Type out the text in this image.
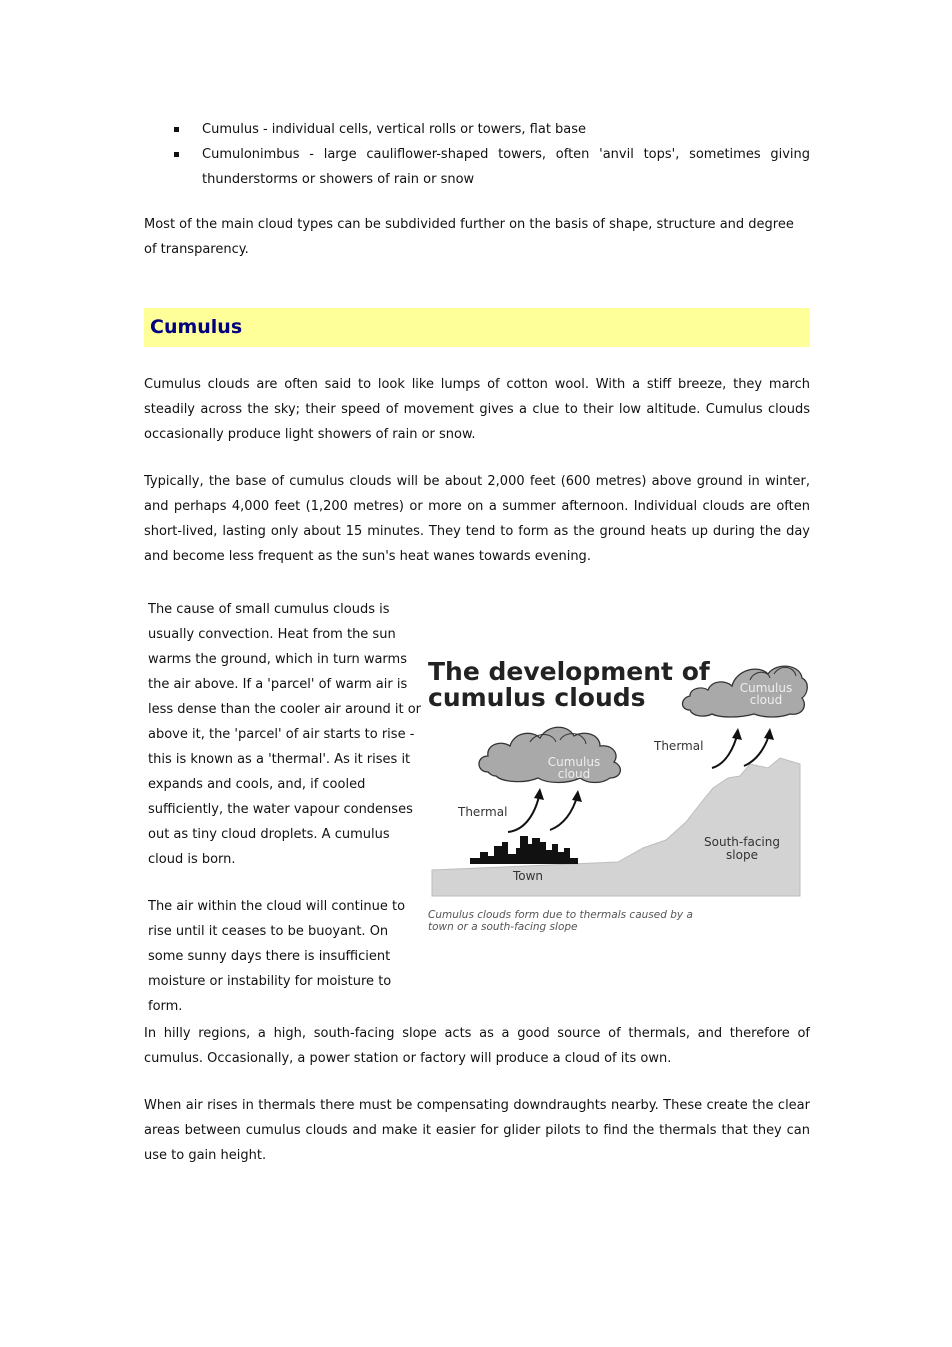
Cumulus - individual cells, vertical rolls or towers, flat base
Cumulonimbus - large cauliflower-shaped towers, often 'anvil tops', sometimes giving thunderstorms or showers of rain or snow

Most of the main cloud types can be subdivided further on the basis of shape, structure and degree of transparency.

Cumulus

Cumulus clouds are often said to look like lumps of cotton wool. With a stiff breeze, they march steadily across the sky; their speed of movement gives a clue to their low altitude. Cumulus clouds occasionally produce light showers of rain or snow.

Typically, the base of cumulus clouds will be about 2,000 feet (600 metres) above ground in winter, and perhaps 4,000 feet (1,200 metres) or more on a summer afternoon. Individual clouds are often short-lived, lasting only about 15 minutes. They tend to form as the ground heats up during the day and become less frequent as the sun's heat wanes towards evening.

The cause of small cumulus clouds is usually convection. Heat from the sun warms the ground, which in turn warms the air above. If a 'parcel' of warm air is less dense than the cooler air around it or above it, the 'parcel' of air starts to rise - this is known as a 'thermal'. As it rises it expands and cools, and, if cooled sufficiently, the water vapour condenses out as tiny cloud droplets. A cumulus cloud is born.

The air within the cloud will continue to rise until it ceases to be buoyant. On some sunny days there is insufficient moisture or instability for moisture to form.

The development of
cumulus clouds
Cumulus
cloud
Cumulus
cloud
Thermal
Thermal
Town
South-facing
slope
Cumulus clouds form due to thermals caused by a
town or a south-facing slope

In hilly regions, a high, south-facing slope acts as a good source of thermals, and therefore of cumulus. Occasionally, a power station or factory will produce a cloud of its own.

When air rises in thermals there must be compensating downdraughts nearby. These create the clear areas between cumulus clouds and make it easier for glider pilots to find the thermals that they can use to gain height.
